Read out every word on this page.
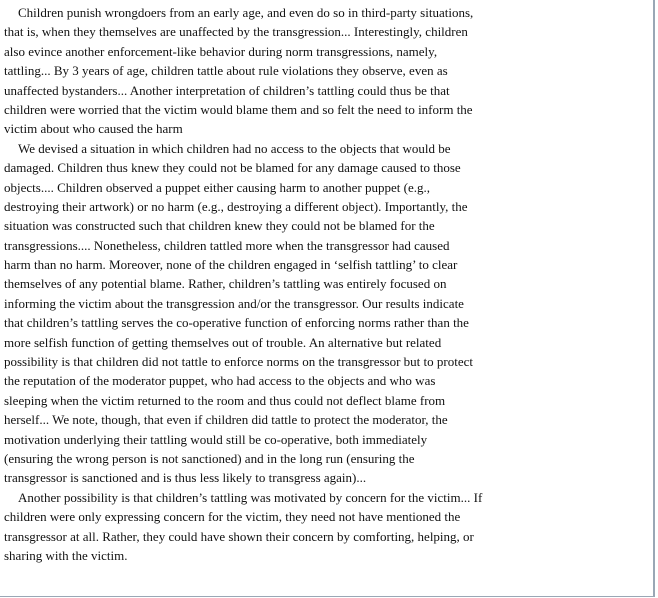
Children punish wrongdoers from an early age, and even do so in third-party situations,
that is, when they themselves are unaffected by the transgression... Interestingly, children
also evince another enforcement-like behavior during norm transgressions, namely,
tattling... By 3 years of age, children tattle about rule violations they observe, even as
unaffected bystanders... Another interpretation of children’s tattling could thus be that
children were worried that the victim would blame them and so felt the need to inform the
victim about who caused the harm
We devised a situation in which children had no access to the objects that would be
damaged. Children thus knew they could not be blamed for any damage caused to those
objects.... Children observed a puppet either causing harm to another puppet (e.g.,
destroying their artwork) or no harm (e.g., destroying a different object). Importantly, the
situation was constructed such that children knew they could not be blamed for the
transgressions.... Nonetheless, children tattled more when the transgressor had caused
harm than no harm. Moreover, none of the children engaged in ‘selfish tattling’ to clear
themselves of any potential blame. Rather, children’s tattling was entirely focused on
informing the victim about the transgression and/or the transgressor. Our results indicate
that children’s tattling serves the co-operative function of enforcing norms rather than the
more selfish function of getting themselves out of trouble. An alternative but related
possibility is that children did not tattle to enforce norms on the transgressor but to protect
the reputation of the moderator puppet, who had access to the objects and who was
sleeping when the victim returned to the room and thus could not deflect blame from
herself... We note, though, that even if children did tattle to protect the moderator, the
motivation underlying their tattling would still be co-operative, both immediately
(ensuring the wrong person is not sanctioned) and in the long run (ensuring the
transgressor is sanctioned and is thus less likely to transgress again)...
Another possibility is that children’s tattling was motivated by concern for the victim... If
children were only expressing concern for the victim, they need not have mentioned the
transgressor at all. Rather, they could have shown their concern by comforting, helping, or
sharing with the victim.
